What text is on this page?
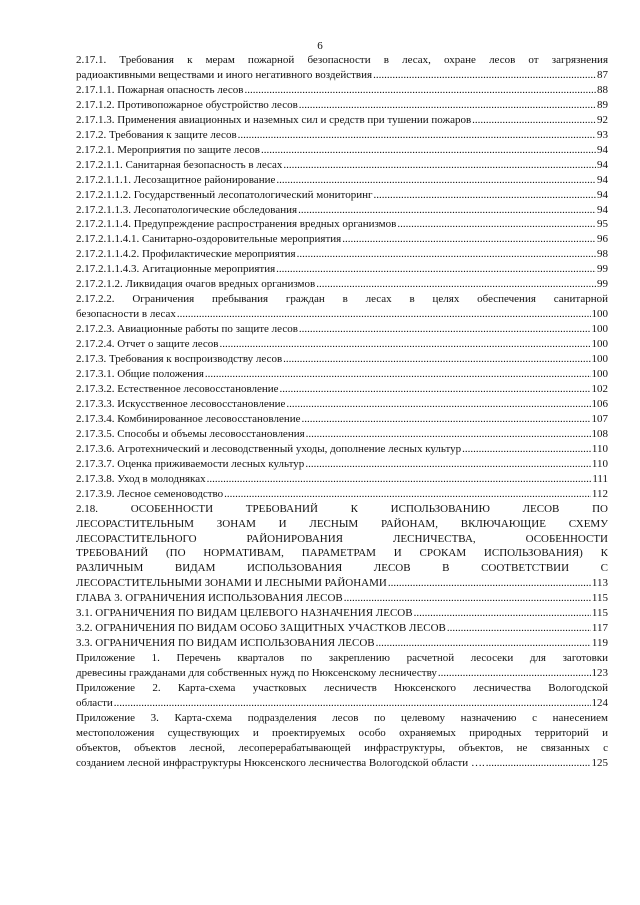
6
2.17.1. Требования к мерам пожарной безопасности в лесах, охране лесов от загрязнения
радиоактивными веществами и иного негативного воздействия .....	87
2.17.1.1. Пожарная опасность лесов .....	88
2.17.1.2. Противопожарное обустройство лесов .....	89
2.17.1.3. Применения авиационных и наземных сил и средств при тушении пожаров .....	92
2.17.2. Требования к защите лесов .....	93
2.17.2.1. Мероприятия по защите лесов .....	94
2.17.2.1.1. Санитарная безопасность в лесах .....	94
2.17.2.1.1.1. Лесозащитное районирование .....	94
2.17.2.1.1.2. Государственный лесопатологический мониторинг .....	94
2.17.2.1.1.3. Лесопатологические обследования .....	94
2.17.2.1.1.4. Предупреждение распространения вредных организмов .....	95
2.17.2.1.1.4.1. Санитарно-оздоровительные мероприятия .....	96
2.17.2.1.1.4.2. Профилактические мероприятия .....	98
2.17.2.1.1.4.3. Агитационные мероприятия .....	99
2.17.2.1.2. Ликвидация очагов вредных организмов .....	99
2.17.2.2. Ограничения пребывания граждан в лесах в целях обеспечения санитарной
безопасности в лесах .....	100
2.17.2.3. Авиационные работы по защите лесов .....	100
2.17.2.4. Отчет о защите лесов .....	100
2.17.3. Требования к воспроизводству лесов .....	100
2.17.3.1. Общие положения .....	100
2.17.3.2. Естественное лесовосстановление .....	102
2.17.3.3. Искусственное лесовосстановление .....	106
2.17.3.4. Комбинированное лесовосстановление .....	107
2.17.3.5. Способы и объемы лесовосстановления .....	108
2.17.3.6. Агротехнический и лесоводственный уходы, дополнение лесных культур .....	110
2.17.3.7. Оценка приживаемости лесных культур .....	110
2.17.3.8. Уход в молодняках .....	111
2.17.3.9. Лесное семеноводство .....	112
2.18. ОСОБЕННОСТИ ТРЕБОВАНИЙ К ИСПОЛЬЗОВАНИЮ ЛЕСОВ ПО
ЛЕСОРАСТИТЕЛЬНЫМ ЗОНАМ И ЛЕСНЫМ РАЙОНАМ, ВКЛЮЧАЮЩИЕ СХЕМУ
ЛЕСОРАСТИТЕЛЬНОГО РАЙОНИРОВАНИЯ ЛЕСНИЧЕСТВА, ОСОБЕННОСТИ
ТРЕБОВАНИЙ (ПО НОРМАТИВАМ, ПАРАМЕТРАМ И СРОКАМ ИСПОЛЬЗОВАНИЯ) К
РАЗЛИЧНЫМ ВИДАМ ИСПОЛЬЗОВАНИЯ ЛЕСОВ В СООТВЕТСТВИИ С
ЛЕСОРАСТИТЕЛЬНЫМИ ЗОНАМИ И ЛЕСНЫМИ РАЙОНАМИ .....	113
ГЛАВА 3. ОГРАНИЧЕНИЯ ИСПОЛЬЗОВАНИЯ ЛЕСОВ .....	115
3.1. ОГРАНИЧЕНИЯ ПО ВИДАМ ЦЕЛЕВОГО НАЗНАЧЕНИЯ ЛЕСОВ .....	115
3.2. ОГРАНИЧЕНИЯ ПО ВИДАМ ОСОБО ЗАЩИТНЫХ УЧАСТКОВ ЛЕСОВ .....	117
3.3. ОГРАНИЧЕНИЯ ПО ВИДАМ ИСПОЛЬЗОВАНИЯ ЛЕСОВ .....	119
Приложение 1. Перечень кварталов по закреплению расчетной лесосеки для заготовки
древесины гражданами для собственных нужд по Нюксенскому лесничеству .....	123
Приложение 2. Карта-схема участковых лесничеств Нюксенского лесничества Вологодской
области .....	124
Приложение 3. Карта-схема подразделения лесов по целевому назначению с нанесением
местоположения существующих и проектируемых особо охраняемых природных территорий и
объектов, объектов лесной, лесоперерабатывающей инфраструктуры, объектов, не связанных с
созданием лесной инфраструктуры Нюксенского лесничества Вологодской области …. .....	125
